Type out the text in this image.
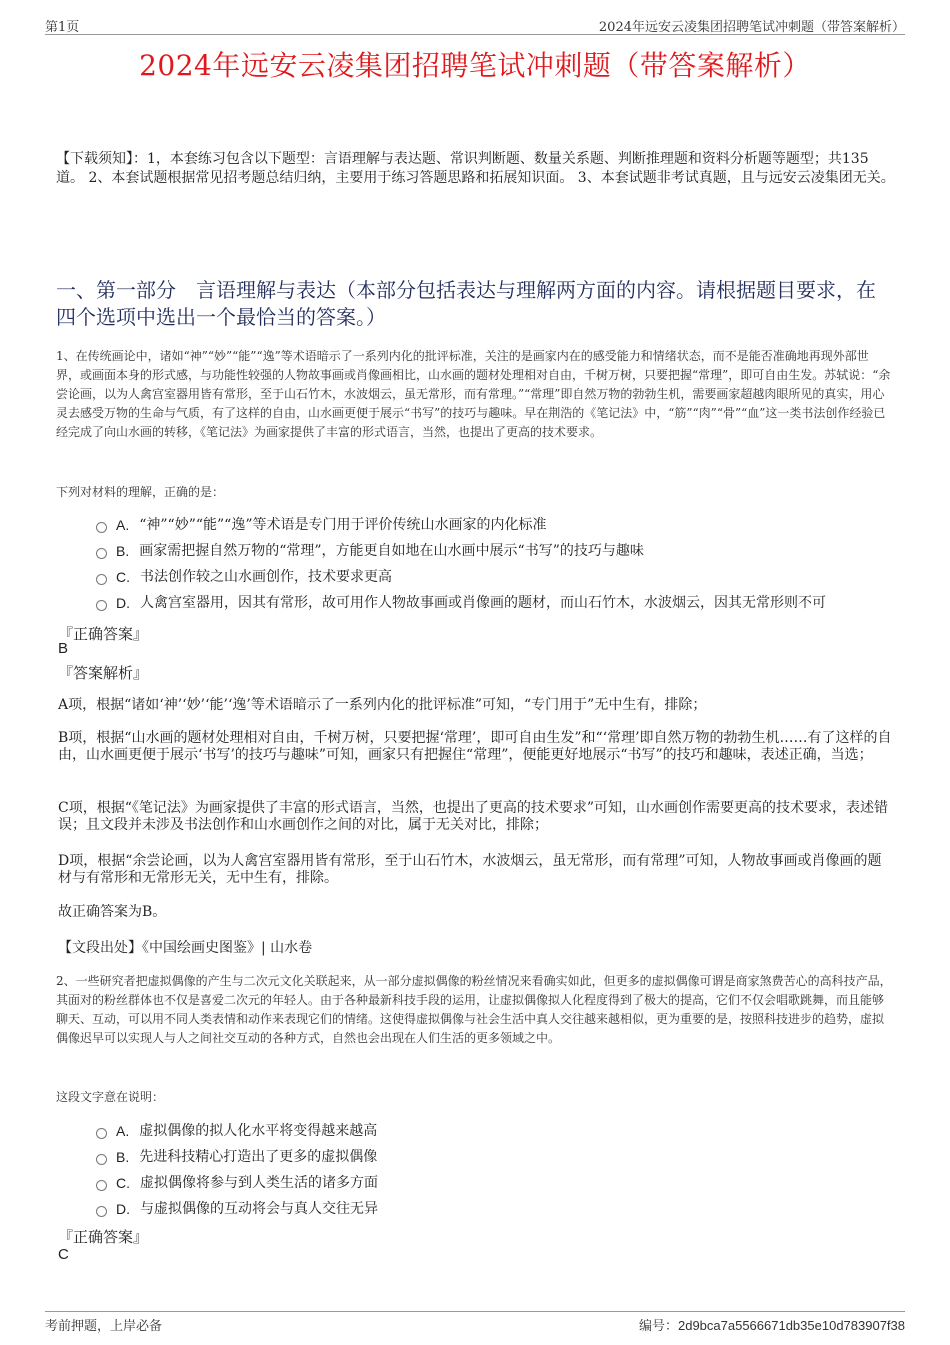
第1页	2024年远安云凌集团招聘笔试冲刺题（带答案解析）
2024年远安云凌集团招聘笔试冲刺题（带答案解析）
【下载须知】：1，本套练习包含以下题型：言语理解与表达题、常识判断题、数量关系题、判断推理题和资料分析题等题型；共135道。 2、本套试题根据常见招考题总结归纳，主要用于练习答题思路和拓展知识面。 3、本套试题非考试真题，且与远安云凌集团无关。
一、第一部分　言语理解与表达（本部分包括表达与理解两方面的内容。请根据题目要求，在四个选项中选出一个最恰当的答案。）
1、在传统画论中，诸如“神”“妙”“能”“逸”等术语暗示了一系列内化的批评标准，关注的是画家内在的感受能力和情绪状态，而不是能否准确地再现外部世界，或画面本身的形式感，与功能性较强的人物故事画或肖像画相比，山水画的题材处理相对自由，千树万树，只要把握“常理”，即可自由生发。苏轼说：“余尝论画，以为人禽宫室器用皆有常形，至于山石竹木，水波烟云，虽无常形，而有常理。”“常理”即自然万物的勃勃生机，需要画家超越肉眼所见的真实，用心灵去感受万物的生命与气质，有了这样的自由，山水画更便于展示“书写”的技巧与趣味。早在荆浩的《笔记法》中，“筋”“肉”“骨”“血”这一类书法创作经验已经完成了向山水画的转移，《笔记法》为画家提供了丰富的形式语言，当然，也提出了更高的技术要求。
下列对材料的理解，正确的是：
A. “神”“妙”“能”“逸”等术语是专门用于评价传统山水画家的内化标准
B. 画家需把握自然万物的“常理”，方能更自如地在山水画中展示“书写”的技巧与趣味
C. 书法创作较之山水画创作，技术要求更高
D. 人禽宫室器用，因其有常形，故可用作人物故事画或肖像画的题材，而山石竹木，水波烟云，因其无常形则不可
『正确答案』
B
『答案解析』
A项，根据“诸如‘神’‘妙’‘能’‘逸’等术语暗示了一系列内化的批评标准”可知，“专门用于”无中生有，排除；
B项，根据“山水画的题材处理相对自由，千树万树，只要把握‘常理’，即可自由生发”和“‘常理’即自然万物的勃勃生机……有了这样的自由，山水画更便于展示‘书写’的技巧与趣味”可知，画家只有把握住“常理”，便能更好地展示“书写”的技巧和趣味，表述正确，当选；
C项，根据“《笔记法》为画家提供了丰富的形式语言，当然，也提出了更高的技术要求”可知，山水画创作需要更高的技术要求，表述错误；且文段并未涉及书法创作和山水画创作之间的对比，属于无关对比，排除；
D项，根据“余尝论画，以为人禽宫室器用皆有常形，至于山石竹木，水波烟云，虽无常形，而有常理”可知，人物故事画或肖像画的题材与有常形和无常形无关，无中生有，排除。
故正确答案为B。
【文段出处】《中国绘画史图鉴》| 山水卷
2、一些研究者把虚拟偶像的产生与二次元文化关联起来，从一部分虚拟偶像的粉丝情况来看确实如此，但更多的虚拟偶像可谓是商家煞费苦心的高科技产品，其面对的粉丝群体也不仅是喜爱二次元的年轻人。由于各种最新科技手段的运用，让虚拟偶像拟人化程度得到了极大的提高，它们不仅会唱歌跳舞，而且能够聊天、互动，可以用不同人类表情和动作来表现它们的情绪。这使得虚拟偶像与社会生活中真人交往越来越相似，更为重要的是，按照科技进步的趋势，虚拟偶像迟早可以实现人与人之间社交互动的各种方式，自然也会出现在人们生活的更多领域之中。
这段文字意在说明：
A. 虚拟偶像的拟人化水平将变得越来越高
B. 先进科技精心打造出了更多的虚拟偶像
C. 虚拟偶像将参与到人类生活的诸多方面
D. 与虚拟偶像的互动将会与真人交往无异
『正确答案』
C
考前押题，上岸必备	编号：2d9bca7a5566671db35e10d783907f38
